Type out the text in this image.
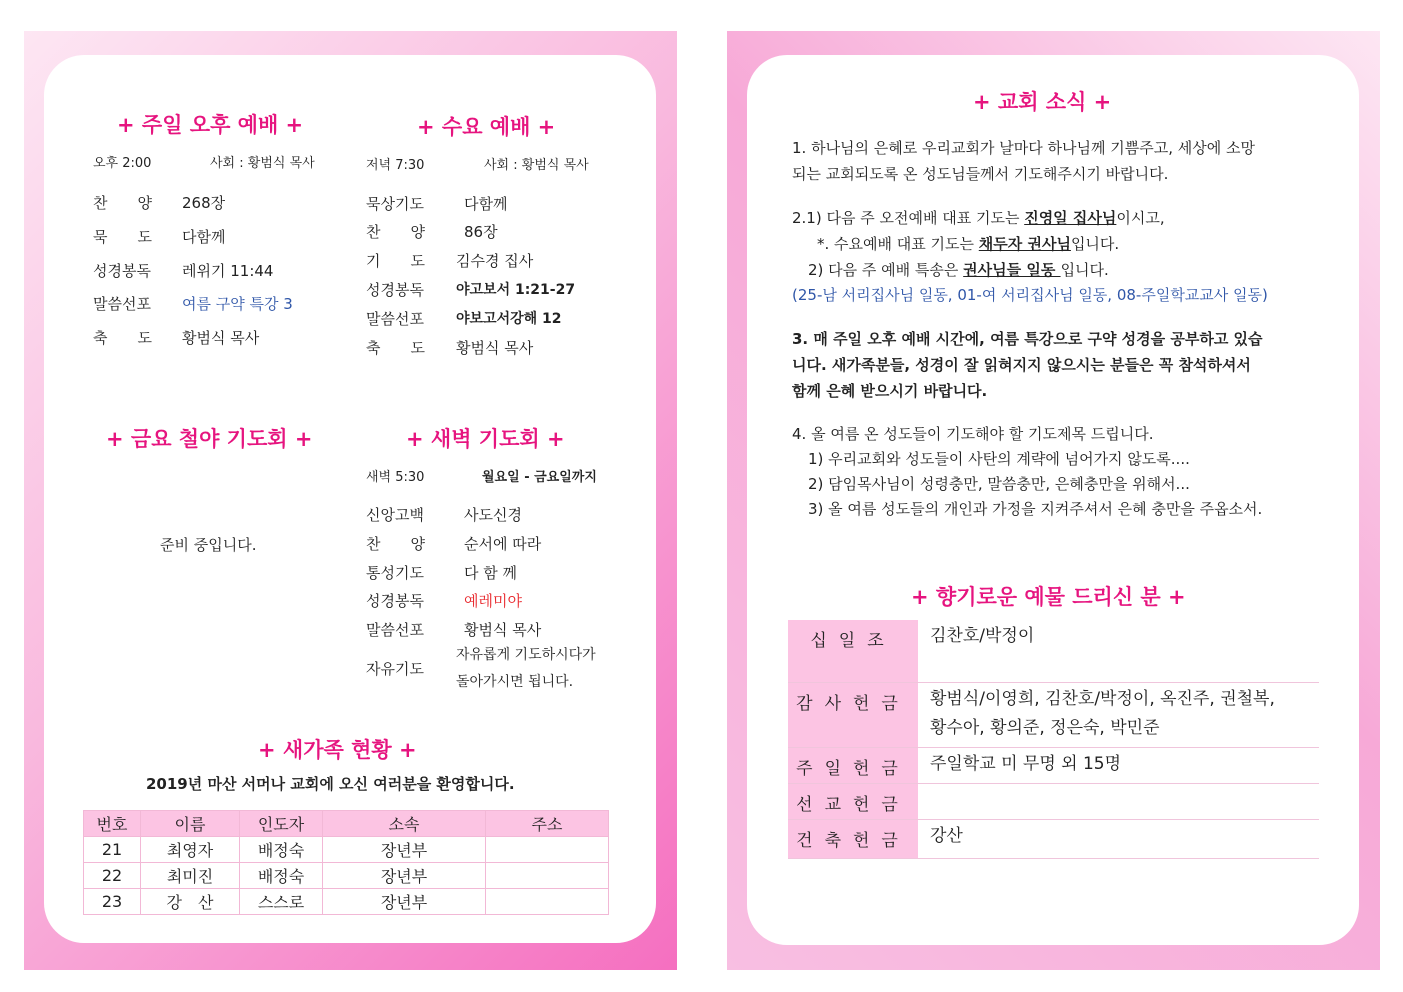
+ 주일 오후 예배 +
오후 2:00	사회 : 황범식 목사
찬　　양 268장
묵　　도 다함께
성경봉독 레위기 11:44
말씀선포 여름 구약 특강 3
축　　도 황범식 목사
+ 수요 예배 +
저녁 7:30	사회 : 황범식 목사
묵상기도	다함께
찬　　양	86장
기　　도 김수경 집사
성경봉독 야고보서 1:21-27
말씀선포 야보고서강해 12
축　　도 황범식 목사
+ 금요 철야 기도회 +
준비 중입니다.
+ 새벽 기도회 +
새벽 5:30	월요일 - 금요일까지
신앙고백	사도신경
찬　　양	순서에 따라
통성기도	다 함 께
성경봉독	예레미야
말씀선포	황범식 목사
자유기도
자유롭게 기도하시다가
돌아가시면 됩니다.
+ 새가족 현황 +
2019년 마산 서머나 교회에 오신 여러분을 환영합니다.
번호	이름	인도자	소속	주소
21	최영자	배정숙	장년부	
22	최미진	배정숙	장년부	
23	강　산	스스로	장년부	
+ 교회 소식 +
1. 하나님의 은혜로 우리교회가 날마다 하나님께 기쁨주고, 세상에 소망
되는 교회되도록 온 성도님들께서 기도해주시기 바랍니다.
2.1) 다음 주 오전예배 대표 기도는 진영일 집사님이시고,
*. 수요예배 대표 기도는 채두자 권사님입니다.
2) 다음 주 예배 특송은 권사님들 일동 입니다.
(25-남 서리집사님 일동, 01-여 서리집사님 일동, 08-주일학교교사 일동)
3. 매 주일 오후 예배 시간에, 여름 특강으로 구약 성경을 공부하고 있습
니다. 새가족분들, 성경이 잘 읽혀지지 않으시는 분들은 꼭 참석하셔서
함께 은혜 받으시기 바랍니다.
4. 올 여름 온 성도들이 기도해야 할 기도제목 드립니다.
1) 우리교회와 성도들이 사탄의 계략에 넘어가지 않도록....
2) 담임목사님이 성령충만, 말씀충만, 은혜충만을 위해서...
3) 올 여름 성도들의 개인과 가정을 지켜주셔서 은혜 충만을 주옵소서.
+ 향기로운 예물 드리신 분 +
십일조	김찬호/박정이

감사헌금	황범식/이영희, 김찬호/박정이, 옥진주, 권철복,
황수아, 황의준, 정은숙, 박민준

주일헌금	주일학교 미 무명 외 15명

선교헌금	

건축헌금	강산
